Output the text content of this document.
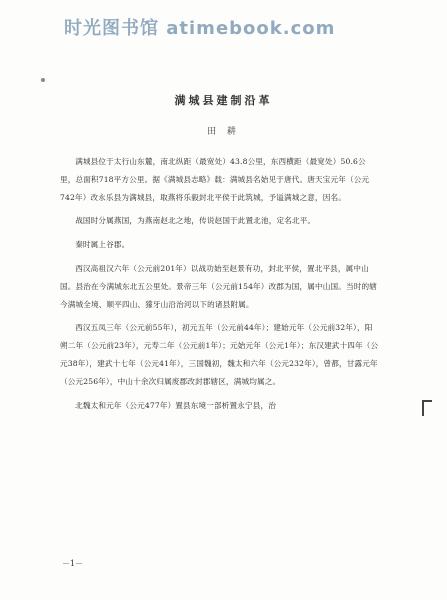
时光图书馆 atimebook.com
满城县建制沿革
田 耕

满城县位于太行山东麓，南北纵距（最宽处）43.8公里，东西横距（最宽处）50.6公里，总面积718平方公里。据《满城县志略》载：满城县名始见于唐代。唐天宝元年（公元742年）改永乐县为满城县，取燕将乐毅封北平侯于此筑城，予谥满城之意，因名。

战国时分属燕国，为燕南赵北之地，传说赵国于此置北池，定名北平。

秦时属上谷郡。

西汉高祖汉六年（公元前201年）以战功始至赵景有功，封北平侯，置北平县，属中山国。县治在今满城东北五公里处。景帝三年（公元前154年）改郡为国，属中山国。当时的辖今满城全境、顺平四山、獴牙山沿治河以下的诸县附属。

西汉五凤三年（公元前55年），初元五年（公元前44年）；建始元年（公元前32年），阳朔二年（公元前23年），元寿二年（公元前1年）；元始元年（公元1年）；东汉建武十四年（公元38年），建武十七年（公元41年），三国魏初，魏太和六年（公元232年），曾都，甘露元年（公元256年），中山十余次归属废郡改封郡辖区，满城均属之。

北魏太和元年（公元477年）置县东境一部析置永宁县，治

－1－
